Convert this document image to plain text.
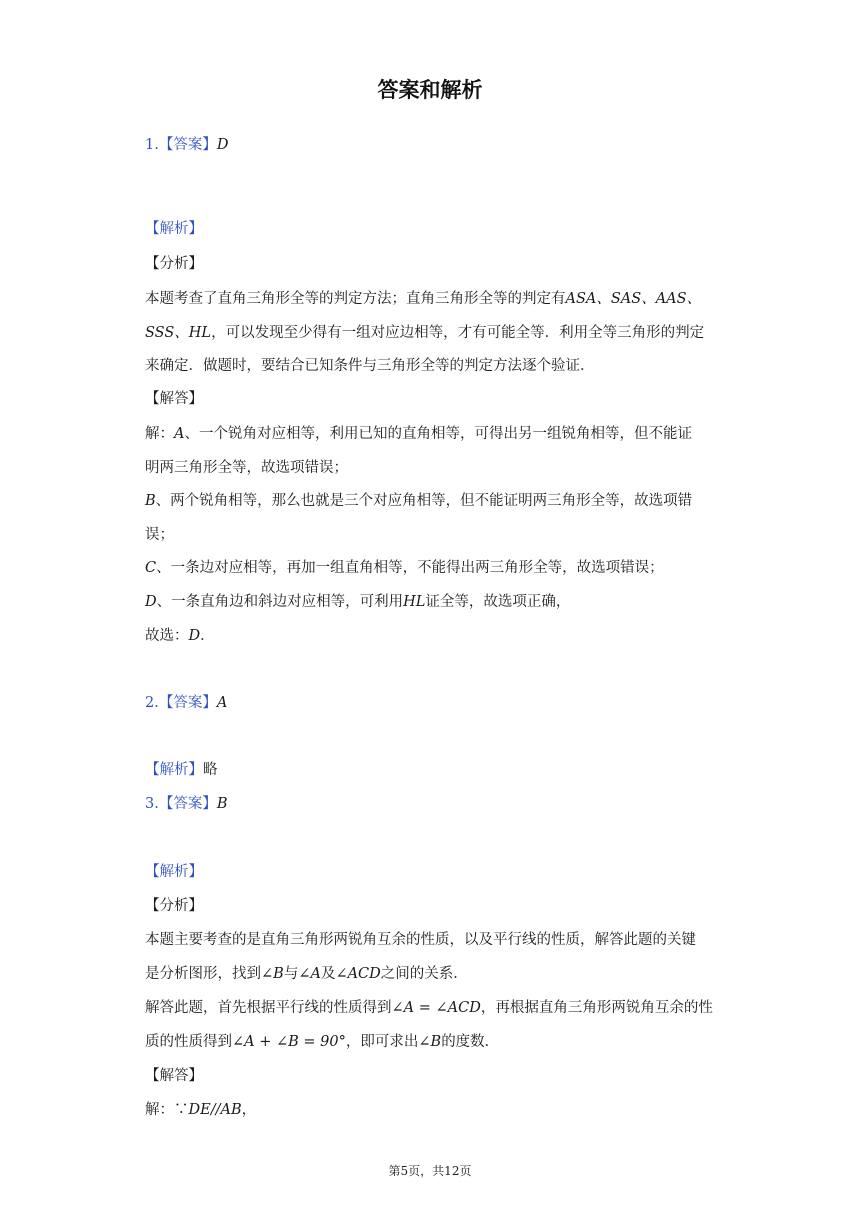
答案和解析
1.【答案】D
【解析】
【分析】
本题考查了直角三角形全等的判定方法；直角三角形全等的判定有ASA、SAS、AAS、
SSS、HL，可以发现至少得有一组对应边相等，才有可能全等．利用全等三角形的判定
来确定．做题时，要结合已知条件与三角形全等的判定方法逐个验证．
【解答】
解：A、一个锐角对应相等，利用已知的直角相等，可得出另一组锐角相等，但不能证
明两三角形全等，故选项错误；
B、两个锐角相等，那么也就是三个对应角相等，但不能证明两三角形全等，故选项错
误；
C、一条边对应相等，再加一组直角相等，不能得出两三角形全等，故选项错误；
D、一条直角边和斜边对应相等，可利用HL证全等，故选项正确，
故选：D．
2.【答案】A
【解析】略
3.【答案】B
【解析】
【分析】
本题主要考查的是直角三角形两锐角互余的性质，以及平行线的性质，解答此题的关键
是分析图形，找到∠B与∠A及∠ACD之间的关系．
解答此题，首先根据平行线的性质得到∠A = ∠ACD，再根据直角三角形两锐角互余的性
质的性质得到∠A + ∠B = 90°，即可求出∠B的度数．
【解答】
解：∵DE//AB，
第5页，共12页
